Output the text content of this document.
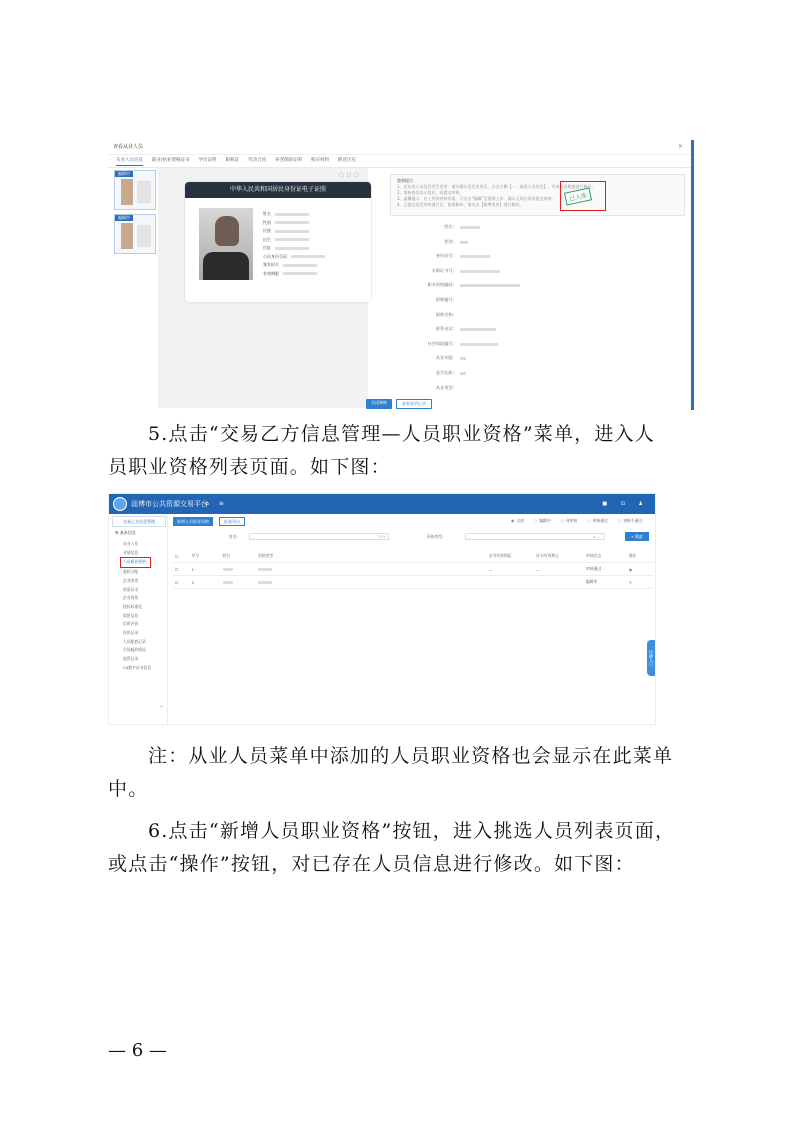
查看从业人员	✕
从业人员信息 职业/执业资格证书 学历证明 职称证 劳动合同 养老保险证明 购买材料 附近历史
编辑中
编辑中
▢▢▢
中华人民共和国居民身份证电子证照
姓名
性别
民族
出生
住址
公民身份号码
签发机关
有效期限
重要提示：
1、若从业人员信息发生变更，请先确认信息变更后，点击左侧【一、查看人员信息】，对该人员数据进行修改。
2、请核查信息无误后，再提交审核。
3、温馨提示：若上传的材料有误，可点击“编辑”后重新上传，确认无误后再次提交审核。
4、已提交信息审核通过后，如需修改，请点击【新增变更】进行修改。
已入库
姓名:
性别:
身份证号:
专职证书号:
职业资格编码:
职称编号:
职称名称:
联系电话:
社会保险编号:
从业年限:
是否在职:
从业类型:
关闭弹窗	查看变更记录
5.点击“交易乙方信息管理—人员职业资格”菜单，进入人
员职业资格列表页面。如下图：
淄博市公共资源交易平台
⌂ ≡	■ ⊡ ♟
交易乙方信息管理
⚙ 基本信息
从业人员
业绩信息
人员职业资格
股权分配
企业荣誉
资质证书
企业资质
投标标准化
奖惩信息
信用评价
投诉记录
人员配套记录
合同履约情况
监管记录
CA数字证书信息
«
新增人员职业资格	批量导出	◉ 全部	○ 编辑中	○ 待审核	○ 审核通过	○ 审核不通过
姓名:	0/50	资格类型:	× ⌄	⌕ 搜索
☐	序号	姓名	资格类型	证书有效期起	证书有效期止	审核状态	操作
☐	1			—	—	审核通过	◉
☐	2					编辑中	✎
快捷入口
注：从业人员菜单中添加的人员职业资格也会显示在此菜单
中。
6.点击“新增人员职业资格”按钮，进入挑选人员列表页面，
或点击“操作”按钮，对已存在人员信息进行修改。如下图：
— 6 —
